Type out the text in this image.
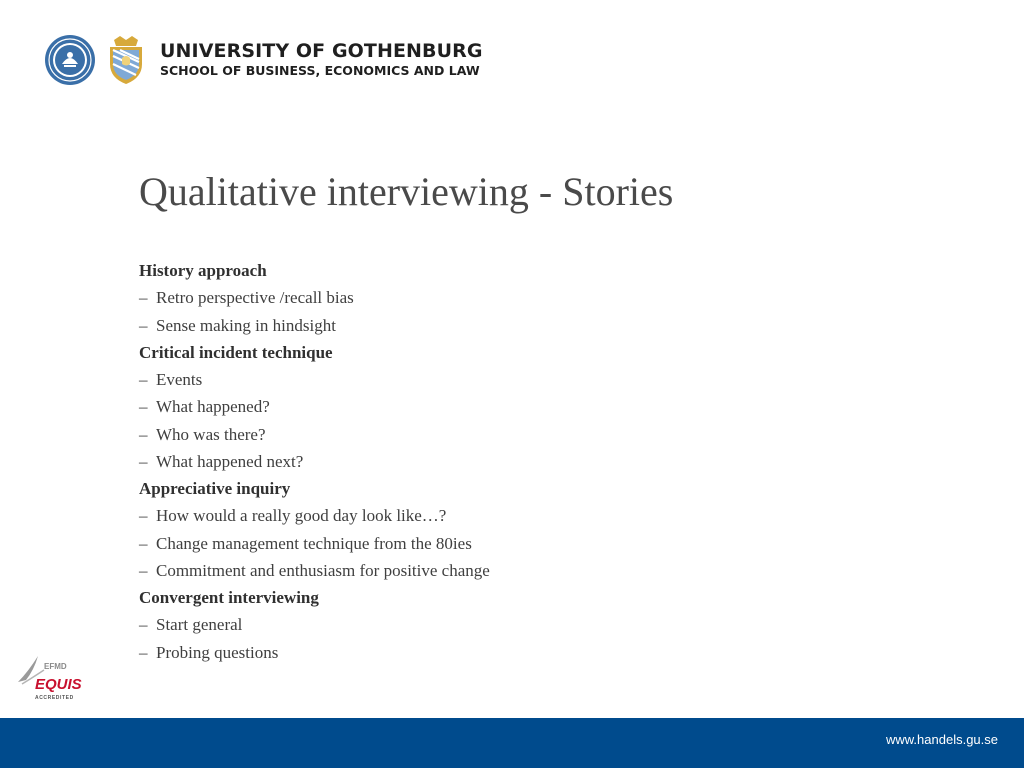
UNIVERSITY OF GOTHENBURG
SCHOOL OF BUSINESS, ECONOMICS AND LAW
Qualitative interviewing - Stories
History approach
– Retro perspective /recall bias
– Sense making in hindsight
Critical incident technique
– Events
– What happened?
– Who was there?
– What happened next?
Appreciative inquiry
– How would a really good day look like…?
– Change management technique from the 80ies
– Commitment and enthusiasm for positive change
Convergent interviewing
– Start general
– Probing questions
EFMD
EQUIS
ACCREDITED
www.handels.gu.se
